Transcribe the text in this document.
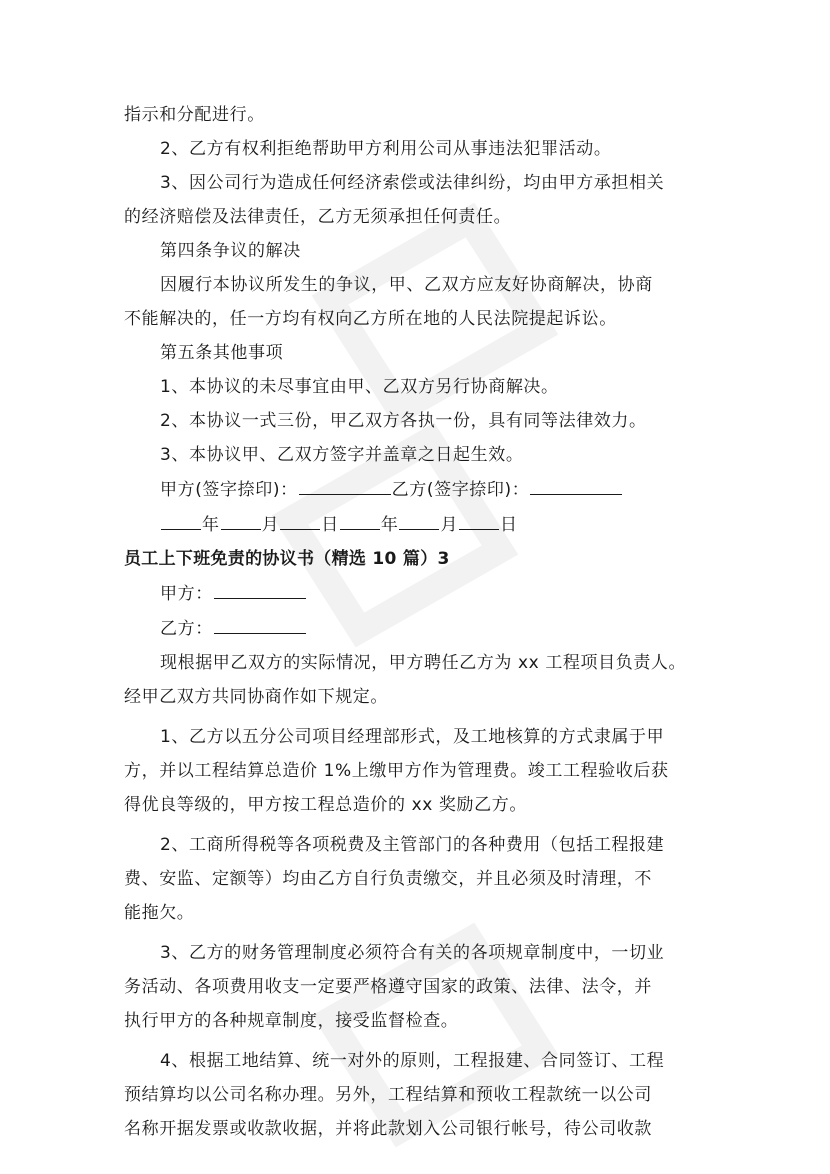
指示和分配进行。
2、乙方有权利拒绝帮助甲方利用公司从事违法犯罪活动。
3、因公司行为造成任何经济索偿或法律纠纷，均由甲方承担相关
的经济赔偿及法律责任，乙方无须承担任何责任。
第四条争议的解决
因履行本协议所发生的争议，甲、乙双方应友好协商解决，协商
不能解决的，任一方均有权向乙方所在地的人民法院提起诉讼。
第五条其他事项
1、本协议的未尽事宜由甲、乙双方另行协商解决。
2、本协议一式三份，甲乙双方各执一份，具有同等法律效力。
3、本协议甲、乙双方签字并盖章之日起生效。
甲方(签字捺印)：	乙方(签字捺印)：
年 月 日 年 月 日
员工上下班免责的协议书（精选 10 篇）3
甲方：
乙方：
现根据甲乙双方的实际情况，甲方聘任乙方为 xx 工程项目负责人。
经甲乙双方共同协商作如下规定。
1、乙方以五分公司项目经理部形式，及工地核算的方式隶属于甲
方，并以工程结算总造价 1%上缴甲方作为管理费。竣工工程验收后获
得优良等级的，甲方按工程总造价的 xx 奖励乙方。
2、工商所得税等各项税费及主管部门的各种费用（包括工程报建
费、安监、定额等）均由乙方自行负责缴交，并且必须及时清理，不
能拖欠。
3、乙方的财务管理制度必须符合有关的各项规章制度中，一切业
务活动、各项费用收支一定要严格遵守国家的政策、法律、法令，并
执行甲方的各种规章制度，接受监督检查。
4、根据工地结算、统一对外的原则，工程报建、合同签订、工程
预结算均以公司名称办理。另外，工程结算和预收工程款统一以公司
名称开据发票或收款收据，并将此款划入公司银行帐号，待公司收款
